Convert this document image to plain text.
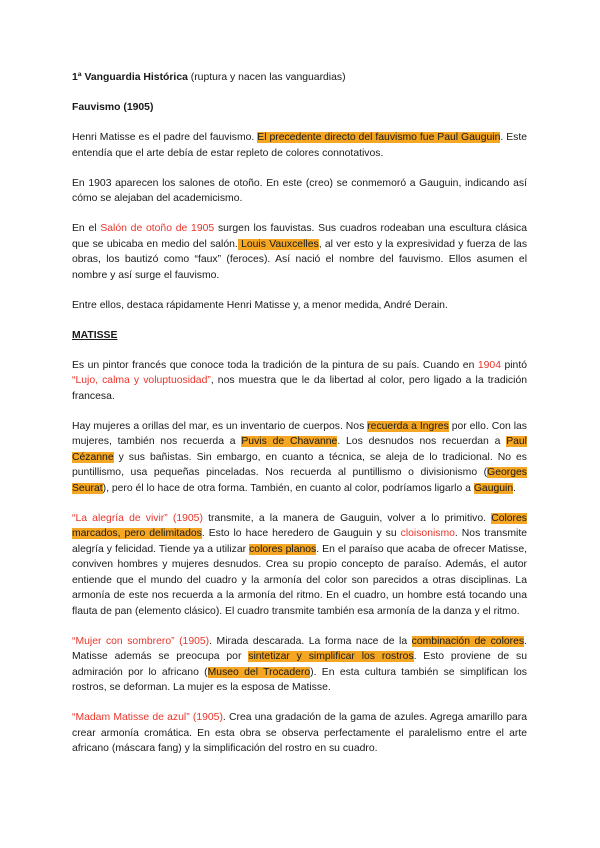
1ª Vanguardia Histórica (ruptura y nacen las vanguardias)

Fauvismo (1905)

Henri Matisse es el padre del fauvismo. El precedente directo del fauvismo fue Paul Gauguin. Este entendía que el arte debía de estar repleto de colores connotativos.

En 1903 aparecen los salones de otoño. En este (creo) se conmemoró a Gauguin, indicando así cómo se alejaban del academicismo.

En el Salón de otoño de 1905 surgen los fauvistas. Sus cuadros rodeaban una escultura clásica que se ubicaba en medio del salón. Louis Vauxcelles, al ver esto y la expresividad y fuerza de las obras, los bautizó como “faux” (feroces). Así nació el nombre del fauvismo. Ellos asumen el nombre y así surge el fauvismo.

Entre ellos, destaca rápidamente Henri Matisse y, a menor medida, André Derain.

MATISSE

Es un pintor francés que conoce toda la tradición de la pintura de su país. Cuando en 1904 pintó “Lujo, calma y voluptuosidad”, nos muestra que le da libertad al color, pero ligado a la tradición francesa.

Hay mujeres a orillas del mar, es un inventario de cuerpos. Nos recuerda a Ingres por ello. Con las mujeres, también nos recuerda a Puvis de Chavanne. Los desnudos nos recuerdan a Paul Cézanne y sus bañistas. Sin embargo, en cuanto a técnica, se aleja de lo tradicional. No es puntillismo, usa pequeñas pinceladas. Nos recuerda al puntillismo o divisionismo (Georges Seurat), pero él lo hace de otra forma. También, en cuanto al color, podríamos ligarlo a Gauguin.

“La alegría de vivir” (1905) transmite, a la manera de Gauguin, volver a lo primitivo. Colores marcados, pero delimitados. Esto lo hace heredero de Gauguin y su cloisonismo. Nos transmite alegría y felicidad. Tiende ya a utilizar colores planos. En el paraíso que acaba de ofrecer Matisse, conviven hombres y mujeres desnudos. Crea su propio concepto de paraíso. Además, el autor entiende que el mundo del cuadro y la armonía del color son parecidos a otras disciplinas. La armonía de este nos recuerda a la armonía del ritmo. En el cuadro, un hombre está tocando una flauta de pan (elemento clásico). El cuadro transmite también esa armonía de la danza y el ritmo.

“Mujer con sombrero” (1905). Mirada descarada. La forma nace de la combinación de colores. Matisse además se preocupa por sintetizar y simplificar los rostros. Esto proviene de su admiración por lo africano (Museo del Trocadero). En esta cultura también se simplifican los rostros, se deforman. La mujer es la esposa de Matisse.

“Madam Matisse de azul” (1905). Crea una gradación de la gama de azules. Agrega amarillo para crear armonía cromática. En esta obra se observa perfectamente el paralelismo entre el arte africano (máscara fang) y la simplificación del rostro en su cuadro.
